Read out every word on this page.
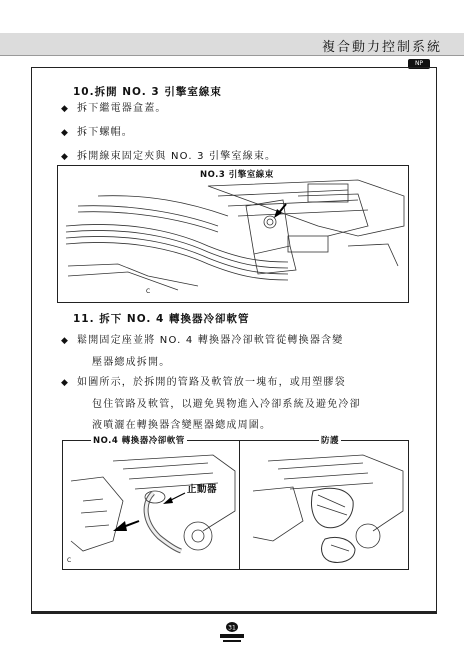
複合動力控制系統
NP
10.拆開 NO. 3 引擎室線束
◆ 拆下繼電器盒蓋。
◆ 拆下螺帽。
◆ 拆開線束固定夾與 NO. 3 引擎室線束。
NO.3 引擎室線束
C
11. 拆下 NO. 4 轉換器冷卻軟管
◆ 鬆開固定座並將 NO. 4 轉換器冷卻軟管從轉換器含變
壓器總成拆開。
◆ 如圖所示，於拆開的管路及軟管放一塊布，或用塑膠袋
包住管路及軟管，以避免異物進入冷卻系統及避免冷卻
液噴灑在轉換器含變壓器總成周圍。
NO.4 轉換器冷卻軟管	防護
止動器
C
31
